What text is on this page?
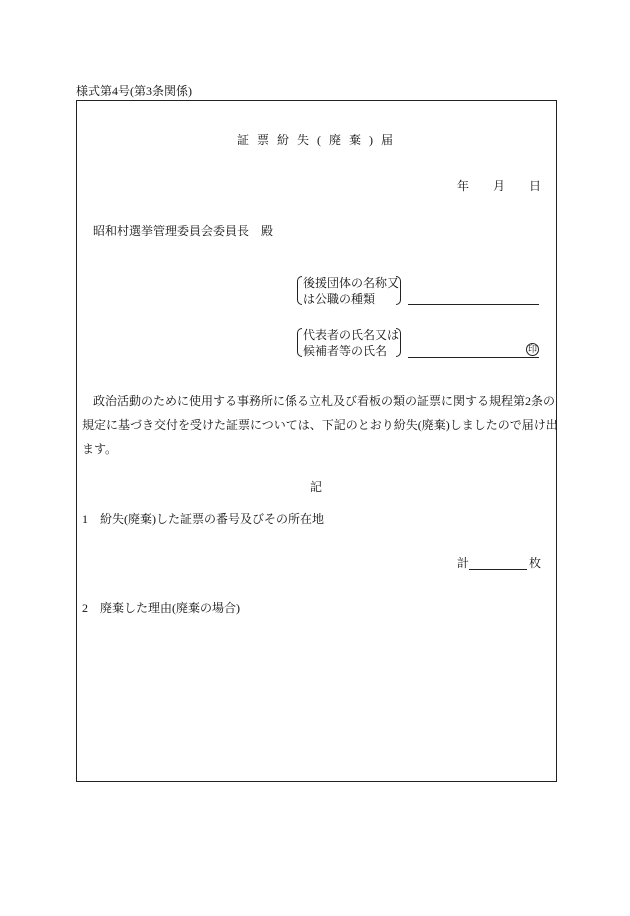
様式第4号(第3条関係)
証票紛失(廃棄)届
年 月 日
昭和村選挙管理委員会委員長　殿
後援団体の名称又
は公職の種類
代表者の氏名又は
候補者等の氏名	印
政治活動のために使用する事務所に係る立札及び看板の類の証票に関する規程第2条の
規定に基づき交付を受けた証票については、下記のとおり紛失(廃棄)しましたので届け出
ます。
記
1　紛失(廃棄)した証票の番号及びその所在地
計	枚
2　廃棄した理由(廃棄の場合)
